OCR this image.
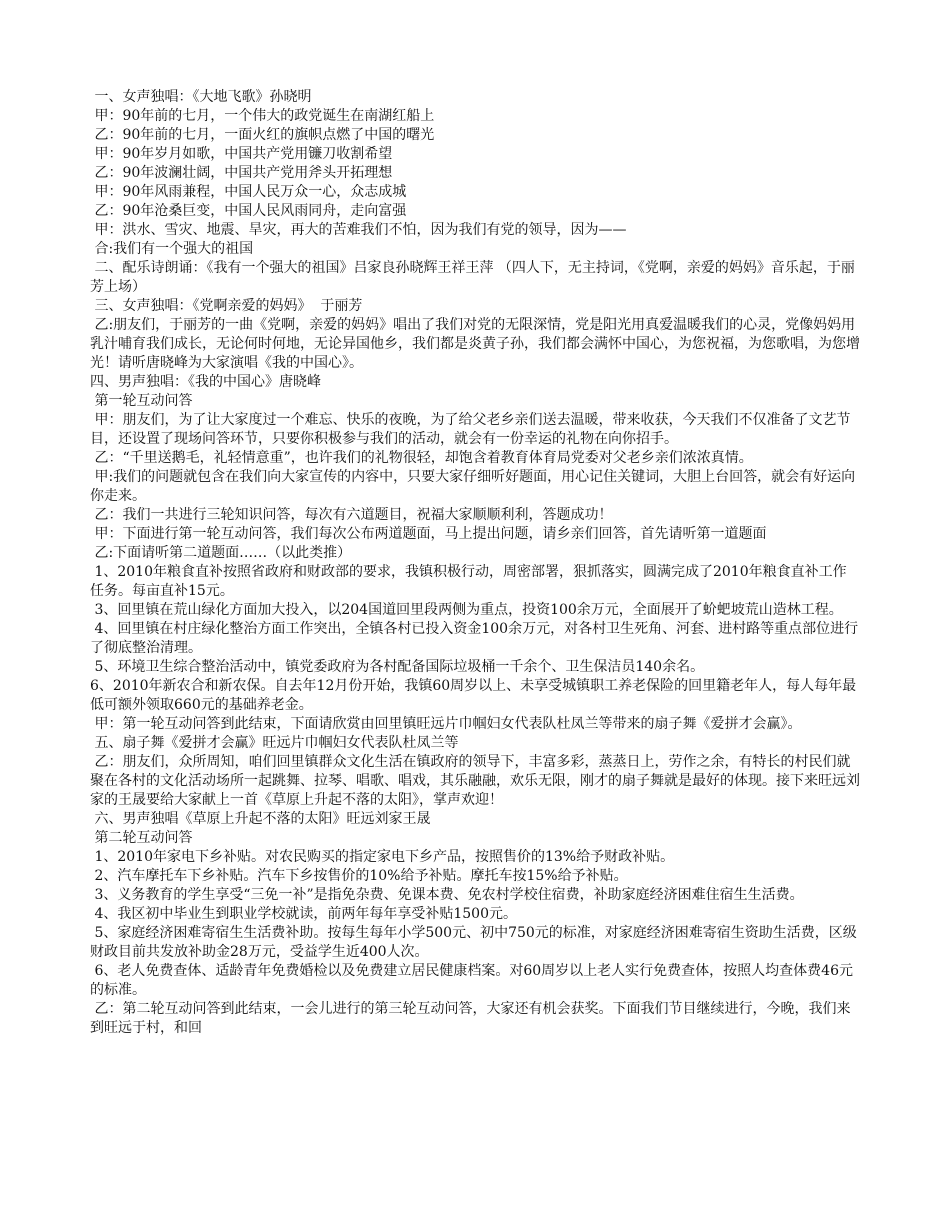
一、女声独唱：《大地飞歌》孙晓明

甲：90年前的七月，一个伟大的政党诞生在南湖红船上

乙：90年前的七月，一面火红的旗帜点燃了中国的曙光

甲：90年岁月如歌，中国共产党用镰刀收割希望

乙：90年波澜壮阔，中国共产党用斧头开拓理想

甲：90年风雨兼程，中国人民万众一心，众志成城

乙：90年沧桑巨变，中国人民风雨同舟，走向富强

甲：洪水、雪灾、地震、旱灾，再大的苦难我们不怕，因为我们有党的领导，因为——

合:我们有一个强大的祖国

二、配乐诗朗诵：《我有一个强大的祖国》吕家良孙晓辉王祥王萍 （四人下，无主持词，《党啊，亲爱的妈妈》音乐起，于丽芳上场）

三、女声独唱：《党啊亲爱的妈妈》  于丽芳

乙:朋友们，于丽芳的一曲《党啊，亲爱的妈妈》唱出了我们对党的无限深情，党是阳光用真爱温暖我们的心灵，党像妈妈用乳汁哺育我们成长，无论何时何地，无论异国他乡，我们都是炎黄子孙，我们都会满怀中国心，为您祝福，为您歌唱，为您增光！请听唐晓峰为大家演唱《我的中国心》。

四、男声独唱：《我的中国心》唐晓峰

第一轮互动问答

甲：朋友们，为了让大家度过一个难忘、快乐的夜晚，为了给父老乡亲们送去温暖，带来收获，今天我们不仅准备了文艺节目，还设置了现场问答环节，只要你积极参与我们的活动，就会有一份幸运的礼物在向你招手。

乙：“千里送鹅毛，礼轻情意重”，也许我们的礼物很轻，却饱含着教育体育局党委对父老乡亲们浓浓真情。

甲:我们的问题就包含在我们向大家宣传的内容中，只要大家仔细听好题面，用心记住关键词，大胆上台回答，就会有好运向你走来。

乙：我们一共进行三轮知识问答，每次有六道题目，祝福大家顺顺利利，答题成功！

甲：下面进行第一轮互动问答，我们每次公布两道题面，马上提出问题，请乡亲们回答，首先请听第一道题面

乙:下面请听第二道题面……（以此类推）

1、2010年粮食直补按照省政府和财政部的要求，我镇积极行动，周密部署，狠抓落实，圆满完成了2010年粮食直补工作任务。每亩直补15元。

3、回里镇在荒山绿化方面加大投入，以204国道回里段两侧为重点，投资100余万元，全面展开了蚧蚆坡荒山造林工程。

4、回里镇在村庄绿化整治方面工作突出，全镇各村已投入资金100余万元，对各村卫生死角、河套、进村路等重点部位进行了彻底整治清理。

5、环境卫生综合整治活动中，镇党委政府为各村配备国际垃圾桶一千余个、卫生保洁员140余名。

6、2010年新农合和新农保。自去年12月份开始，我镇60周岁以上、未享受城镇职工养老保险的回里籍老年人，每人每年最低可额外领取660元的基础养老金。

甲：第一轮互动问答到此结束，下面请欣赏由回里镇旺远片巾帼妇女代表队杜凤兰等带来的扇子舞《爱拼才会赢》。

五、扇子舞《爱拼才会赢》旺远片巾帼妇女代表队杜凤兰等

乙：朋友们，众所周知，咱们回里镇群众文化生活在镇政府的领导下，丰富多彩，蒸蒸日上，劳作之余，有特长的村民们就聚在各村的文化活动场所一起跳舞、拉琴、唱歌、唱戏，其乐融融，欢乐无限，刚才的扇子舞就是最好的体现。接下来旺远刘家的王晟要给大家献上一首《草原上升起不落的太阳》，掌声欢迎！

六、男声独唱《草原上升起不落的太阳》旺远刘家王晟

第二轮互动问答

1、2010年家电下乡补贴。对农民购买的指定家电下乡产品，按照售价的13%给予财政补贴。

2、汽车摩托车下乡补贴。汽车下乡按售价的10%给予补贴。摩托车按15%给予补贴。

3、义务教育的学生享受“三免一补”是指免杂费、免课本费、免农村学校住宿费，补助家庭经济困难住宿生生活费。

4、我区初中毕业生到职业学校就读，前两年每年享受补贴1500元。

5、家庭经济困难寄宿生生活费补助。按每生每年小学500元、初中750元的标准，对家庭经济困难寄宿生资助生活费，区级财政目前共发放补助金28万元，受益学生近400人次。

6、老人免费查体、适龄青年免费婚检以及免费建立居民健康档案。对60周岁以上老人实行免费查体，按照人均查体费46元的标准。

乙：第二轮互动问答到此结束，一会儿进行的第三轮互动问答，大家还有机会获奖。下面我们节目继续进行，今晚，我们来到旺远于村，和回
